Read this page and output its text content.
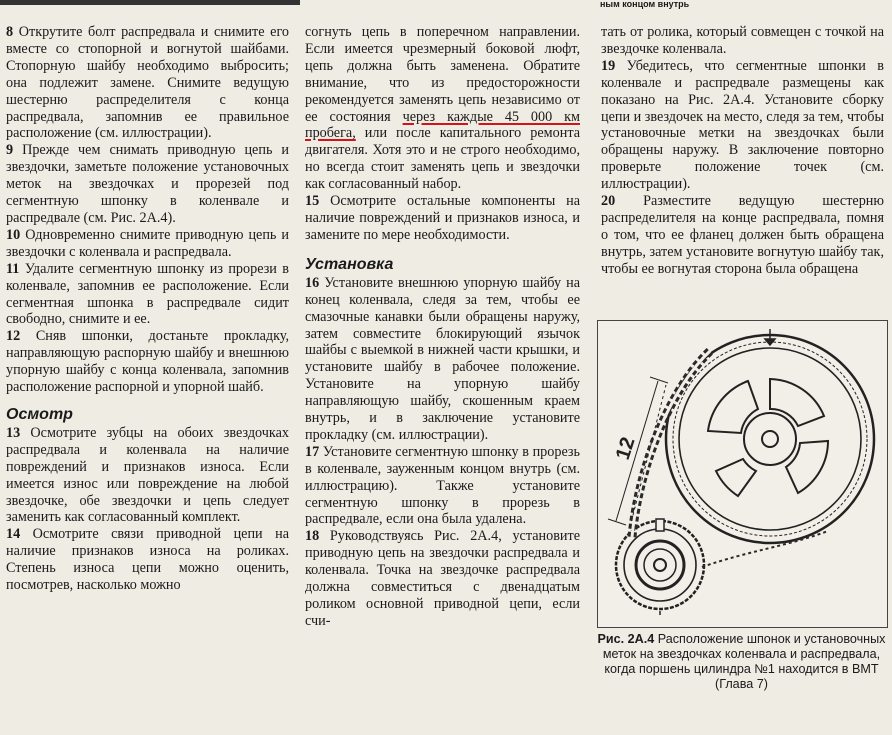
ным концом внутрь

8 Открутите болт распредвала и снимите его вместе со стопорной и вогнутой шайбами. Стопорную шайбу необходимо выбросить; она подлежит замене. Снимите ведущую шестерню распределителя с конца распредвала, запомнив ее правильное расположение (см. иллюстрации).

9 Прежде чем снимать приводную цепь и звездочки, заметьте положение установочных меток на звездочках и прорезей под сегментную шпонку в коленвале и распредвале (см. Рис. 2А.4).

10 Одновременно снимите приводную цепь и звездочки с коленвала и распредвала.

11 Удалите сегментную шпонку из прорези в коленвале, запомнив ее расположение. Если сегментная шпонка в распредвале сидит свободно, снимите и ее.

12 Сняв шпонки, достаньте прокладку, направляющую распорную шайбу и внешнюю упорную шайбу с конца коленвала, запомнив расположение распорной и упорной шайб.

Осмотр

13 Осмотрите зубцы на обоих звездочках распредвала и коленвала на наличие повреждений и признаков износа. Если имеется износ или повреждение на любой звездочке, обе звездочки и цепь следует заменить как согласованный комплект.

14 Осмотрите связи приводной цепи на наличие признаков износа на роликах. Степень износа цепи можно оценить, посмотрев, насколько можно

согнуть цепь в поперечном направлении. Если имеется чрезмерный боковой люфт, цепь должна быть заменена. Обратите внимание, что из предосторожности рекомендуется заменять цепь независимо от ее состояния через каждые 45 000 км пробега, или после капитального ремонта двигателя. Хотя это и не строго необходимо, но всегда стоит заменять цепь и звездочки как согласованный набор.

15 Осмотрите остальные компоненты на наличие повреждений и признаков износа, и замените по мере необходимости.

Установка

16 Установите внешнюю упорную шайбу на конец коленвала, следя за тем, чтобы ее смазочные канавки были обращены наружу, затем совместите блокирующий язычок шайбы с выемкой в нижней части крышки, и установите шайбу в рабочее положение. Установите на упорную шайбу направляющую шайбу, скошенным краем внутрь, и в заключение установите прокладку (см. иллюстрации).

17 Установите сегментную шпонку в прорезь в коленвале, зауженным концом внутрь (см. иллюстрацию). Также установите сегментную шпонку в прорезь в распредвале, если она была удалена.

18 Руководствуясь Рис. 2А.4, установите приводную цепь на звездочки распредвала и коленвала. Точка на звездочке распредвала должна совместиться с двенадцатым роликом основной приводной цепи, если счи-

тать от ролика, который совмещен с точкой на звездочке коленвала.

19 Убедитесь, что сегментные шпонки в коленвале и распредвале размещены как показано на Рис. 2А.4. Установите сборку цепи и звездочек на место, следя за тем, чтобы установочные метки на звездочках были обращены наружу. В заключение повторно проверьте положение точек (см. иллюстрации).

20 Разместите ведущую шестерню распределителя на конце распредвала, помня о том, что ее фланец должен быть обращена внутрь, затем установите вогнутую шайбу так, чтобы ее вогнутая сторона была обращена

12
Рис. 2А.4 Расположение шпонок и установочных меток на звездочках коленвала и распредвала, когда поршень цилиндра №1 находится в ВМТ (Глава 7)
